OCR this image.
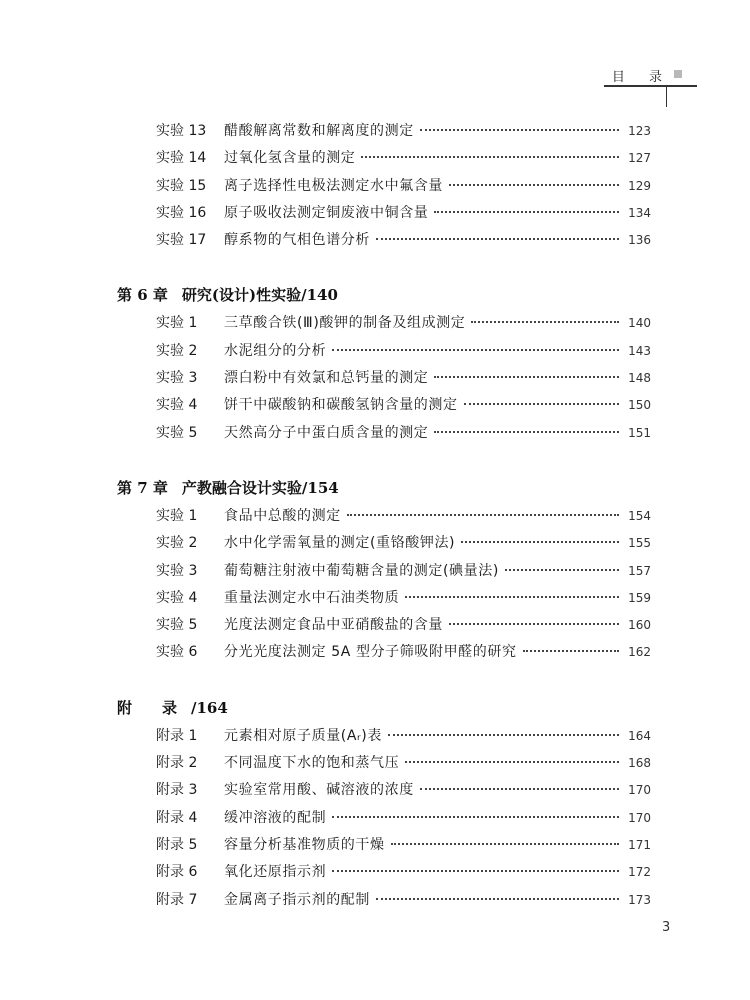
目 录
实验 13	醋酸解离常数和解离度的测定	123
实验 14	过氧化氢含量的测定	127
实验 15	离子选择性电极法测定水中氟含量	129
实验 16	原子吸收法测定铜废液中铜含量	134
实验 17	醇系物的气相色谱分析	136
第 6 章 研究(设计)性实验/140
实验 1	三草酸合铁(Ⅲ)酸钾的制备及组成测定	140
实验 2	水泥组分的分析	143
实验 3	漂白粉中有效氯和总钙量的测定	148
实验 4	饼干中碳酸钠和碳酸氢钠含量的测定	150
实验 5	天然高分子中蛋白质含量的测定	151
第 7 章 产教融合设计实验/154
实验 1	食品中总酸的测定	154
实验 2	水中化学需氧量的测定(重铬酸钾法)	155
实验 3	葡萄糖注射液中葡萄糖含量的测定(碘量法)	157
实验 4	重量法测定水中石油类物质	159
实验 5	光度法测定食品中亚硝酸盐的含量	160
实验 6	分光光度法测定 5A 型分子筛吸附甲醛的研究	162
附　　录 /164
附录 1	元素相对原子质量(Aᵣ)表	164
附录 2	不同温度下水的饱和蒸气压	168
附录 3	实验室常用酸、碱溶液的浓度	170
附录 4	缓冲溶液的配制	170
附录 5	容量分析基准物质的干燥	171
附录 6	氧化还原指示剂	172
附录 7	金属离子指示剂的配制	173
3
